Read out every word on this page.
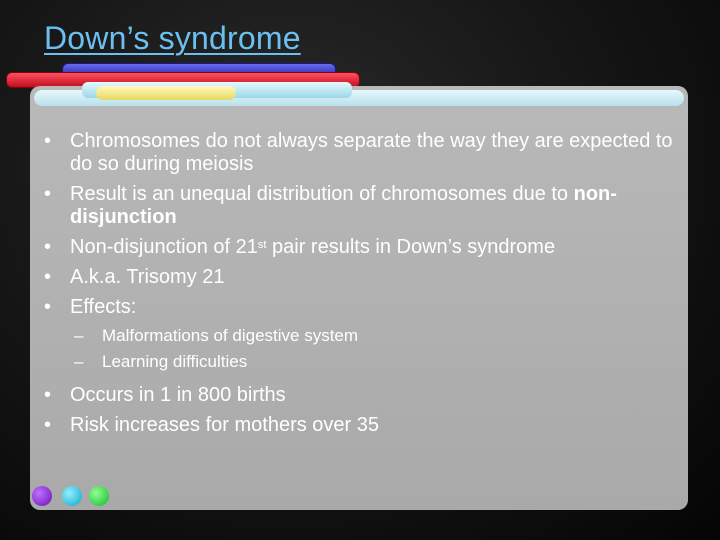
Down’s syndrome
• Chromosomes do not always separate the way they are expected to do so during meiosis
• Result is an unequal distribution of chromosomes due to non-disjunction
• Non-disjunction of 21st pair results in Down’s syndrome
• A.k.a. Trisomy 21
• Effects:
– Malformations of digestive system
– Learning difficulties
• Occurs in 1 in 800 births
• Risk increases for mothers over 35
